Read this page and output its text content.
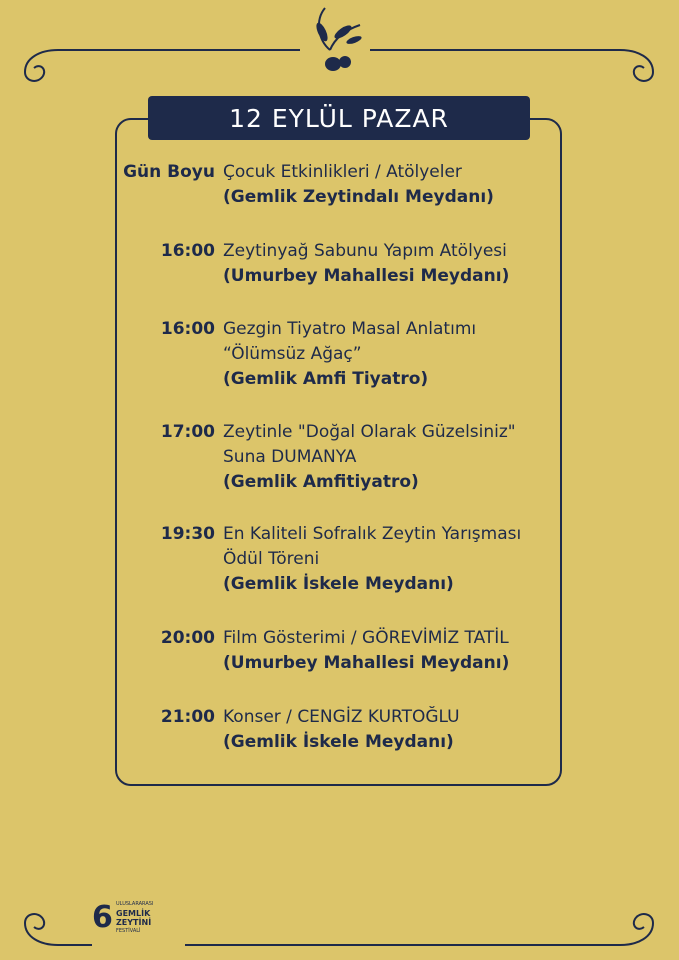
12 EYLÜL PAZAR
Gün Boyu Çocuk Etkinlikleri / Atölyeler
(Gemlik Zeytindalı Meydanı)
16:00 Zeytinyağ Sabunu Yapım Atölyesi
(Umurbey Mahallesi Meydanı)
16:00 Gezgin Tiyatro Masal Anlatımı
“Ölümsüz Ağaç”
(Gemlik Amfi Tiyatro)
17:00 Zeytinle "Doğal Olarak Güzelsiniz"
Suna DUMANYA
(Gemlik Amfitiyatro)
19:30 En Kaliteli Sofralık Zeytin Yarışması
Ödül Töreni
(Gemlik İskele Meydanı)
20:00 Film Gösterimi / GÖREVİMİZ TATİL
(Umurbey Mahallesi Meydanı)
21:00 Konser / CENGİZ KURTOĞLU
(Gemlik İskele Meydanı)
6 ULUSLARARASI
GEMLİK
ZEYTİNİ
FESTİVALİ
